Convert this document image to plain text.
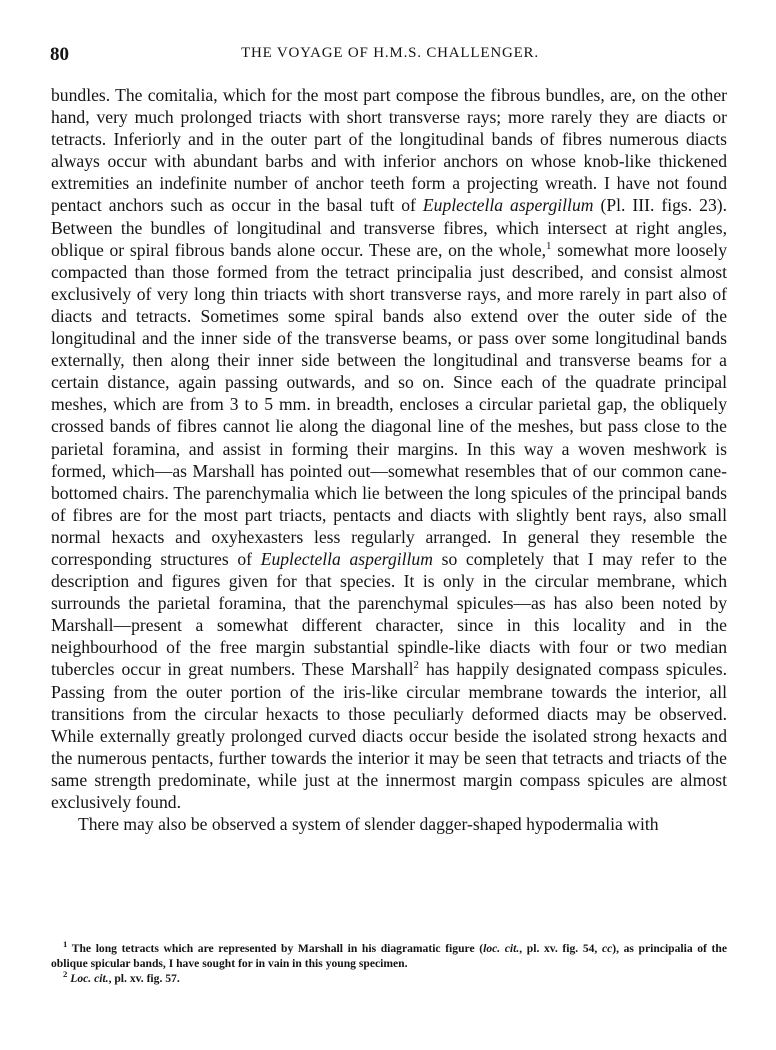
80	THE VOYAGE OF H.M.S. CHALLENGER.

bundles. The comitalia, which for the most part compose the fibrous bundles, are, on the other hand, very much prolonged triacts with short transverse rays; more rarely they are diacts or tetracts. Inferiorly and in the outer part of the longitudinal bands of fibres numerous diacts always occur with abundant barbs and with inferior anchors on whose knob-like thickened extremities an indefinite number of anchor teeth form a projecting wreath. I have not found pentact anchors such as occur in the basal tuft of Euplectella aspergillum (Pl. III. figs. 23). Between the bundles of longitudinal and transverse fibres, which intersect at right angles, oblique or spiral fibrous bands alone occur. These are, on the whole,$^1$ somewhat more loosely compacted than those formed from the tetract principalia just described, and consist almost exclusively of very long thin triacts with short transverse rays, and more rarely in part also of diacts and tetracts. Sometimes some spiral bands also extend over the outer side of the longitudinal and the inner side of the transverse beams, or pass over some longitudinal bands externally, then along their inner side between the longitudinal and transverse beams for a certain distance, again passing outwards, and so on. Since each of the quadrate principal meshes, which are from 3 to 5 mm. in breadth, encloses a circular parietal gap, the obliquely crossed bands of fibres cannot lie along the diagonal line of the meshes, but pass close to the parietal foramina, and assist in forming their margins. In this way a woven meshwork is formed, which—as Marshall has pointed out—somewhat resembles that of our common cane-bottomed chairs. The parenchymalia which lie between the long spicules of the principal bands of fibres are for the most part triacts, pentacts and diacts with slightly bent rays, also small normal hexacts and oxyhexasters less regularly arranged. In general they resemble the corresponding structures of Euplectella aspergillum so completely that I may refer to the description and figures given for that species. It is only in the circular membrane, which surrounds the parietal foramina, that the parenchymal spicules—as has also been noted by Marshall—present a somewhat different character, since in this locality and in the neighbourhood of the free margin substantial spindle-like diacts with four or two median tubercles occur in great numbers. These Marshall$^2$ has happily designated compass spicules. Passing from the outer portion of the iris-like circular membrane towards the interior, all transitions from the circular hexacts to those peculiarly deformed diacts may be observed. While externally greatly prolonged curved diacts occur beside the isolated strong hexacts and the numerous pentacts, further towards the interior it may be seen that tetracts and triacts of the same strength predominate, while just at the innermost margin compass spicules are almost exclusively found.

There may also be observed a system of slender dagger-shaped hypodermalia with

$^1$ The long tetracts which are represented by Marshall in his diagramatic figure (loc. cit., pl. xv. fig. 54, cc), as principalia of the oblique spicular bands, I have sought for in vain in this young specimen.

$^2$ Loc. cit., pl. xv. fig. 57.
